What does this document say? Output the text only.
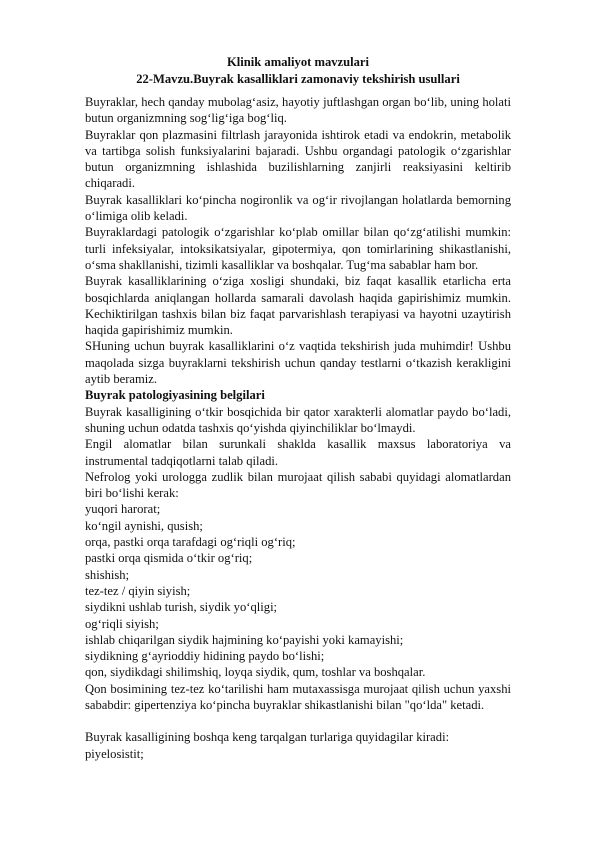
Klinik amaliyot mavzulari
22-Mavzu.Buyrak kasalliklari zamonaviy tekshirish usullari
Buyraklar, hech qanday mubolag‘asiz, hayotiy juftlashgan organ bo‘lib, uning holati butun organizmning sog‘lig‘iga bog‘liq.
Buyraklar qon plazmasini filtrlash jarayonida ishtirok etadi va endokrin, metabolik va tartibga solish funksiyalarini bajaradi. Ushbu organdagi patologik o‘zgarishlar butun organizmning ishlashida buzilishlarning zanjirli reaksiyasini keltirib chiqaradi.
Buyrak kasalliklari ko‘pincha nogironlik va og‘ir rivojlangan holatlarda bemorning o‘limiga olib keladi.
Buyraklardagi patologik o‘zgarishlar ko‘plab omillar bilan qo‘zg‘atilishi mumkin: turli infeksiyalar, intoksikatsiyalar, gipotermiya, qon tomirlarining shikastlanishi, o‘sma shakllanishi, tizimli kasalliklar va boshqalar. Tug‘ma sabablar ham bor.
Buyrak kasalliklarining o‘ziga xosligi shundaki, biz faqat kasallik etarlicha erta bosqichlarda aniqlangan hollarda samarali davolash haqida gapirishimiz mumkin. Kechiktirilgan tashxis bilan biz faqat parvarishlash terapiyasi va hayotni uzaytirish haqida gapirishimiz mumkin.
SHuning uchun buyrak kasalliklarini o‘z vaqtida tekshirish juda muhimdir! Ushbu maqolada sizga buyraklarni tekshirish uchun qanday testlarni o‘tkazish kerakligini aytib beramiz.
Buyrak patologiyasining belgilari
Buyrak kasalligining o‘tkir bosqichida bir qator xarakterli alomatlar paydo bo‘ladi, shuning uchun odatda tashxis qo‘yishda qiyinchiliklar bo‘lmaydi.
Engil alomatlar bilan surunkali shaklda kasallik maxsus laboratoriya va instrumental tadqiqotlarni talab qiladi.
Nefrolog yoki urologga zudlik bilan murojaat qilish sababi quyidagi alomatlardan biri bo‘lishi kerak:
yuqori harorat;
ko‘ngil aynishi, qusish;
orqa, pastki orqa tarafdagi og‘riqli og‘riq;
pastki orqa qismida o‘tkir og‘riq;
shishish;
tez-tez / qiyin siyish;
siydikni ushlab turish, siydik yo‘qligi;
og‘riqli siyish;
ishlab chiqarilgan siydik hajmining ko‘payishi yoki kamayishi;
siydikning g‘ayrioddiy hidining paydo bo‘lishi;
qon, siydikdagi shilimshiq, loyqa siydik, qum, toshlar va boshqalar.
Qon bosimining tez-tez ko‘tarilishi ham mutaxassisga murojaat qilish uchun yaxshi sababdir: gipertenziya ko‘pincha buyraklar shikastlanishi bilan "qo‘lda" ketadi.
Buyrak kasalligining boshqa keng tarqalgan turlariga quyidagilar kiradi:
piyelosistit;
